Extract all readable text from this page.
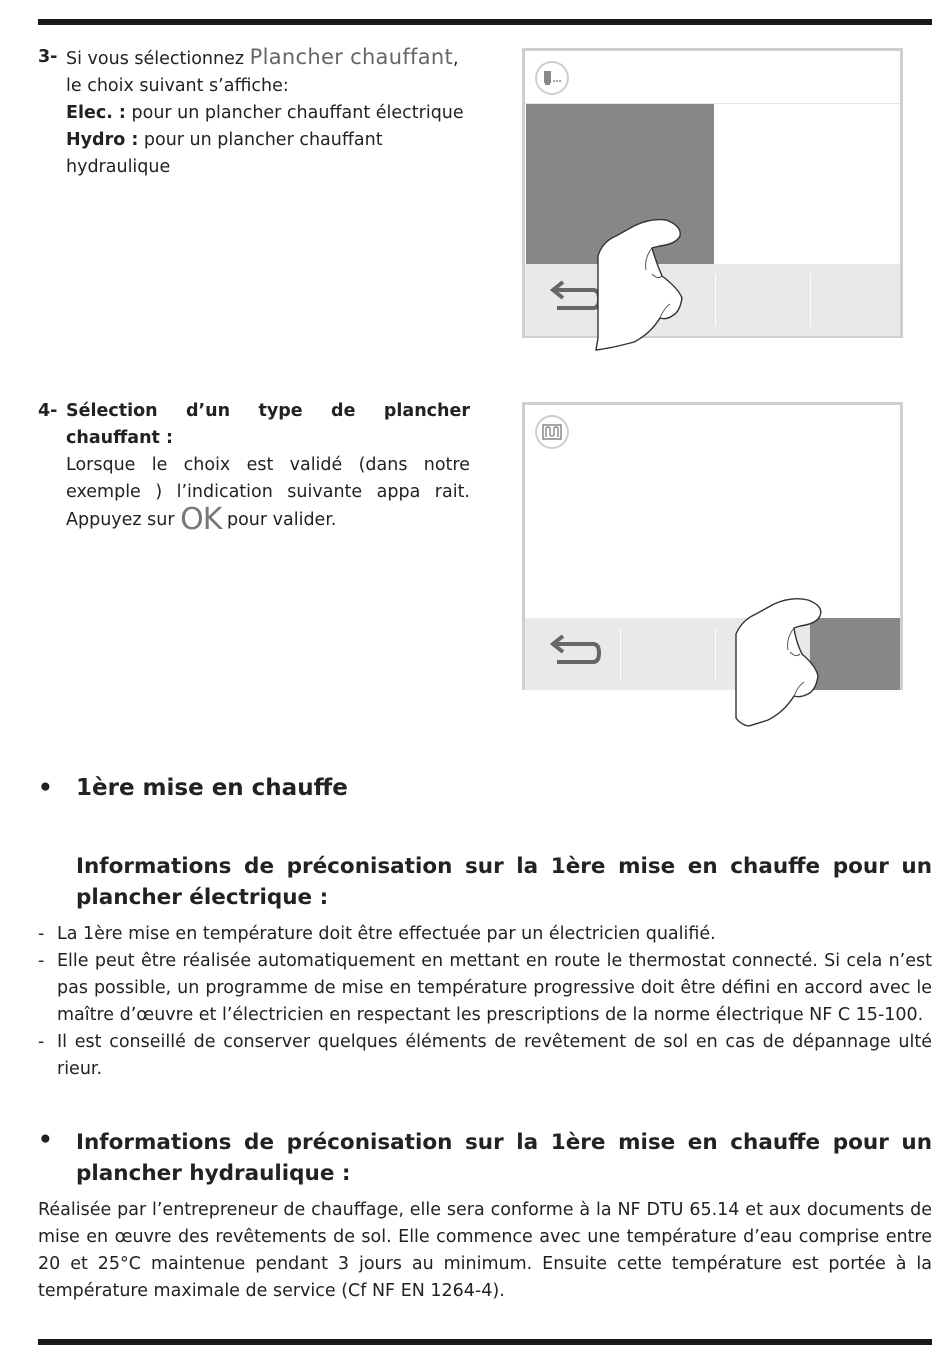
3- Si vous sélectionnez Plancher chauffant,
le choix suivant s’affiche:
Elec. : pour un plancher chauffant électrique
Hydro : pour un plancher chauffant hydraulique
4- Sélection d’un type de plancher chauffant :
Lorsque le choix est validé (dans notre exemple ) l’indication suivante appa rait. Appuyez sur OK pour valider.
• 1ère mise en chauffe
Informations de préconisation sur la 1ère mise en chauffe pour un plancher électrique :
- La 1ère mise en température doit être effectuée par un électricien qualifié.
- Elle peut être réalisée automatiquement en mettant en route le thermostat connecté. Si cela n’est pas possible, un programme de mise en température progressive doit être défini en accord avec le maître d’œuvre et l’électricien en respectant les prescriptions de la norme électrique NF C 15-100.
- Il est conseillé de conserver quelques éléments de revêtement de sol en cas de dépannage ulté rieur.
• Informations de préconisation sur la 1ère mise en chauffe pour un plancher hydraulique :
Réalisée par l’entrepreneur de chauffage, elle sera conforme à la NF DTU 65.14 et aux documents de mise en œuvre des revêtements de sol. Elle commence avec une température d’eau comprise entre 20 et 25°C maintenue pendant 3 jours au minimum. Ensuite cette température est portée à la température maximale de service (Cf NF EN 1264-4).
